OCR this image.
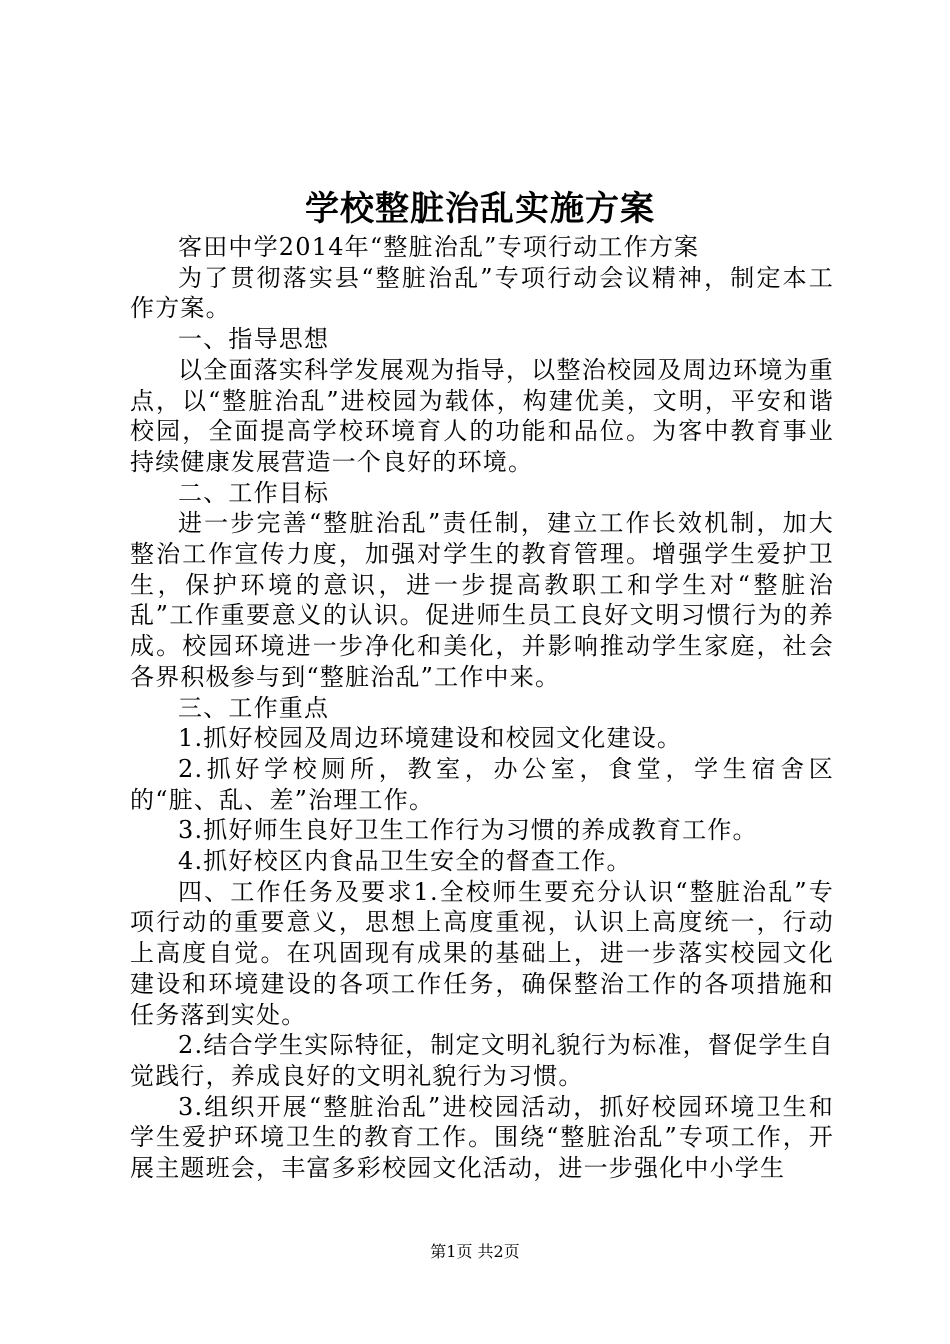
学校整脏治乱实施方案

客田中学2014年“整脏治乱”专项行动工作方案

为了贯彻落实县“整脏治乱”专项行动会议精神，制定本工作方案。

一、指导思想

以全面落实科学发展观为指导，以整治校园及周边环境为重点，以“整脏治乱”进校园为载体，构建优美，文明，平安和谐校园，全面提高学校环境育人的功能和品位。为客中教育事业持续健康发展营造一个良好的环境。

二、工作目标

进一步完善“整脏治乱”责任制，建立工作长效机制，加大整治工作宣传力度，加强对学生的教育管理。增强学生爱护卫生，保护环境的意识，进一步提高教职工和学生对“整脏治乱”工作重要意义的认识。促进师生员工良好文明习惯行为的养成。校园环境进一步净化和美化，并影响推动学生家庭，社会各界积极参与到“整脏治乱”工作中来。

三、工作重点

1.抓好校园及周边环境建设和校园文化建设。

2.抓好学校厕所，教室，办公室，食堂，学生宿舍区的“脏、乱、差”治理工作。

3.抓好师生良好卫生工作行为习惯的养成教育工作。

4.抓好校区内食品卫生安全的督查工作。

四、工作任务及要求1.全校师生要充分认识“整脏治乱”专项行动的重要意义，思想上高度重视，认识上高度统一，行动上高度自觉。在巩固现有成果的基础上，进一步落实校园文化建设和环境建设的各项工作任务，确保整治工作的各项措施和任务落到实处。

2.结合学生实际特征，制定文明礼貌行为标准，督促学生自觉践行，养成良好的文明礼貌行为习惯。

3.组织开展“整脏治乱”进校园活动，抓好校园环境卫生和学生爱护环境卫生的教育工作。围绕“整脏治乱”专项工作，开展主题班会，丰富多彩校园文化活动，进一步强化中小学生

第1页 共2页
